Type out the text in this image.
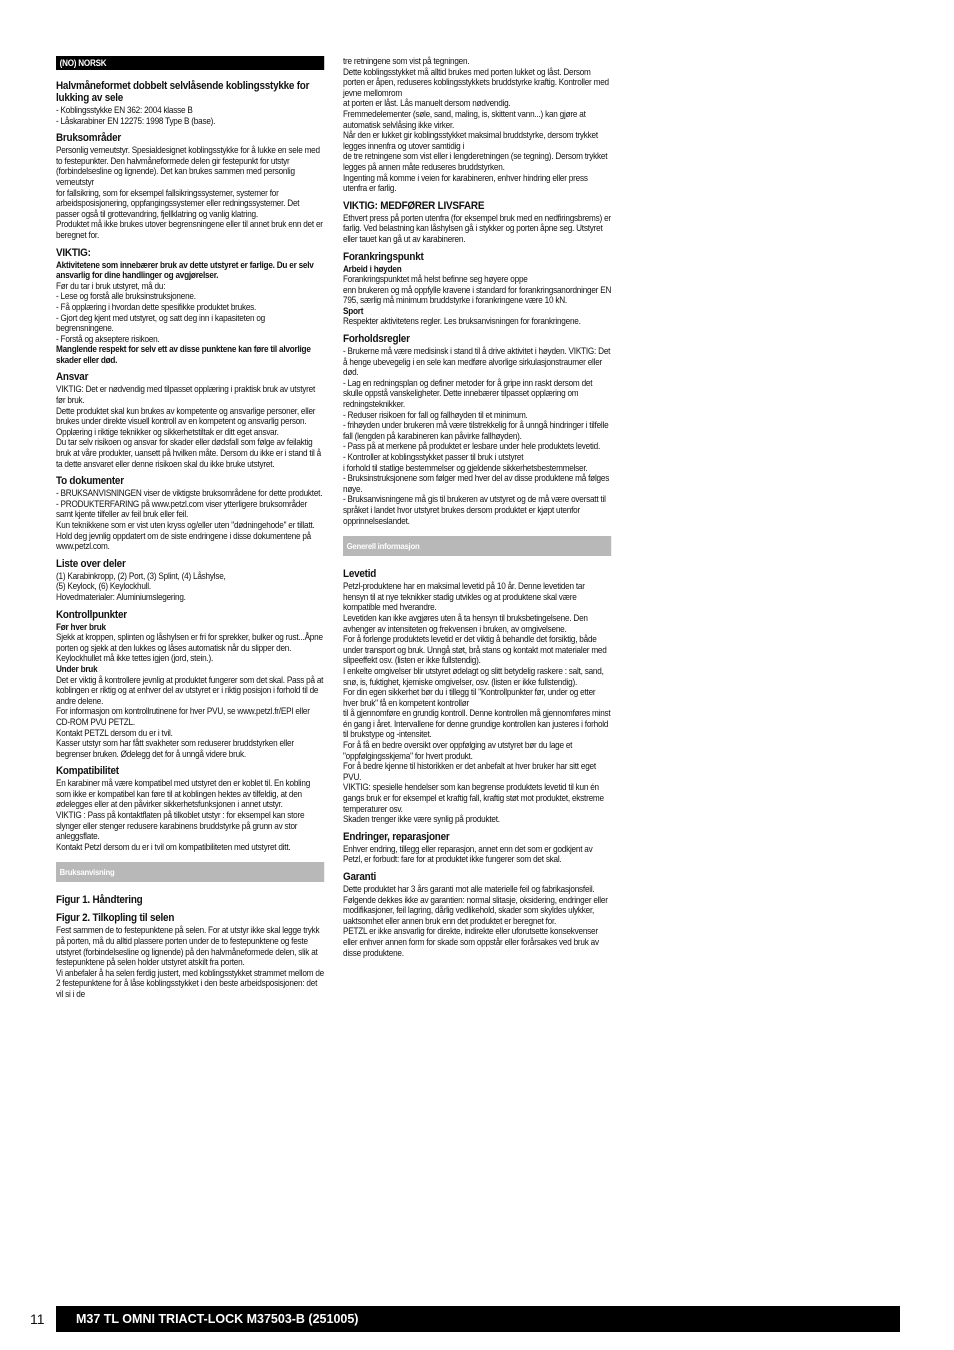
(NO) NORSK
Halvmåneformet dobbelt selvlåsende koblingsstykke for lukking av sele

- Koblingsstykke EN 362: 2004 klasse B
- Låskarabiner EN 12275: 1998 Type B (base).

Bruksområder

Personlig verneutstyr. Spesialdesignet koblingsstykke for å lukke en sele med to festepunkter. Den halvmåneformede delen gir festepunkt for utstyr (forbindelsesline og lignende). Det kan brukes sammen med personlig verneutstyr
for fallsikring, som for eksempel fallsikringssystemer, systemer for arbeidsposisjonering, oppfangingssystemer eller redningssystemer. Det passer også til grottevandring, fjellklatring og vanlig klatring.
Produktet må ikke brukes utover begrensningene eller til annet bruk enn det er beregnet for.

VIKTIG:

Aktivitetene som innebærer bruk av dette utstyret er farlige. Du er selv ansvarlig for dine handlinger og avgjørelser.

Før du tar i bruk utstyret, må du:
- Lese og forstå alle bruksinstruksjonene.
- Få opplæring i hvordan dette spesifikke produktet brukes.
- Gjort deg kjent med utstyret, og satt deg inn i kapasiteten og begrensningene.
- Forstå og akseptere risikoen.

Manglende respekt for selv ett av disse punktene kan føre til alvorlige skader eller død.

Ansvar

VIKTIG: Det er nødvendig med tilpasset opplæring i praktisk bruk av utstyret før bruk.
Dette produktet skal kun brukes av kompetente og ansvarlige personer, eller brukes under direkte visuell kontroll av en kompetent og ansvarlig person.
Opplæring i riktige teknikker og sikkerhetstiltak er ditt eget ansvar.
Du tar selv risikoen og ansvar for skader eller dødsfall som følge av feilaktig bruk at våre produkter, uansett på hvilken måte. Dersom du ikke er i stand til å ta dette ansvaret eller denne risikoen skal du ikke bruke utstyret.

To dokumenter

- BRUKSANVISNINGEN viser de viktigste bruksområdene for dette produktet.
- PRODUKTERFARING på www.petzl.com viser ytterligere bruksområder samt kjente tilfeller av feil bruk eller feil.
Kun teknikkene som er vist uten kryss og/eller uten "dødningehode" er tillatt. Hold deg jevnlig oppdatert om de siste endringene i disse dokumentene på www.petzl.com.

Liste over deler

(1) Karabinkropp, (2) Port, (3) Splint, (4) Låshylse,
(5) Keylock, (6) Keylockhull.
Hovedmaterialer: Aluminiumslegering.

Kontrollpunkter
Før hver bruk

Sjekk at kroppen, splinten og låshylsen er fri for sprekker, bulker og rust...Åpne porten og sjekk at den lukkes og låses automatisk når du slipper den. Keylockhullet må ikke tettes igjen (jord, stein.).

Under bruk

Det er viktig å kontrollere jevnlig at produktet fungerer som det skal. Pass på at koblingen er riktig og at enhver del av utstyret er i riktig posisjon i forhold til de andre delene.
For informasjon om kontrollrutinene for hver PVU, se www.petzl.fr/EPI eller CD-ROM PVU PETZL.
Kontakt PETZL dersom du er i tvil.
Kasser utstyr som har fått svakheter som reduserer bruddstyrken eller begrenser bruken. Ødelegg det for å unngå videre bruk.

Kompatibilitet

En karabiner må være kompatibel med utstyret den er koblet til. En kobling som ikke er kompatibel kan føre til at koblingen hektes av tilfeldig, at den ødelegges eller at den påvirker sikkerhetsfunksjonen i annet utstyr.
VIKTIG : Pass på kontaktflaten på tilkoblet utstyr : for eksempel kan store slynger eller stenger redusere karabinens bruddstyrke på grunn av stor anleggsflate.
Kontakt Petzl dersom du er i tvil om kompatibiliteten med utstyret ditt.

Bruksanvisning
Figur 1. Håndtering
Figur 2. Tilkopling til selen

Fest sammen de to festepunktene på selen. For at utstyr ikke skal legge trykk på porten, må du alltid plassere porten under de to festepunktene og feste utstyret (forbindelsesline og lignende) på den halvmåneformede delen, slik at festepunktene på selen holder utstyret atskilt fra porten.
Vi anbefaler å ha selen ferdig justert, med koblingsstykket strammet mellom de 2 festepunktene for å låse koblingsstykket i den beste arbeidsposisjonen: det vil si i de

tre retningene som vist på tegningen.
Dette koblingsstykket må alltid brukes med porten lukket og låst. Dersom porten er åpen, reduseres koblingsstykkets bruddstyrke kraftig. Kontroller med jevne mellomrom
at porten er låst. Lås manuelt dersom nødvendig.
Fremmedelementer (søle, sand, maling, is, skittent vann...) kan gjøre at automatisk selvlåsing ikke virker.
Når den er lukket gir koblingsstykket maksimal bruddstyrke, dersom trykket legges innenfra og utover samtidig i
de tre retningene som vist eller i lengderetningen (se tegning). Dersom trykket legges på annen måte reduseres bruddstyrken.
Ingenting må komme i veien for karabineren, enhver hindring eller press utenfra er farlig.

VIKTIG: MEDFØRER LIVSFARE

Ethvert press på porten utenfra (for eksempel bruk med en nedfiringsbrems) er farlig. Ved belastning kan låshylsen gå i stykker og porten åpne seg. Utstyret eller tauet kan gå ut av karabineren.

Forankringspunkt
Arbeid i høyden

Forankringspunktet må helst befinne seg høyere oppe
enn brukeren og må oppfylle kravene i standard for forankringsanordninger EN 795, særlig må minimum bruddstyrke i forankringene være 10 kN.

Sport

Respekter aktivitetens regler. Les bruksanvisningen for forankringene.

Forholdsregler

- Brukerne må være medisinsk i stand til å drive aktivitet i høyden. VIKTIG: Det å henge ubevegelig i en sele kan medføre alvorlige sirkulasjonstraumer eller død.
- Lag en redningsplan og definer metoder for å gripe inn raskt dersom det skulle oppstå vanskeligheter. Dette innebærer tilpasset opplæring om redningsteknikker.
- Reduser risikoen for fall og fallhøyden til et minimum.
- frihøyden under brukeren må være tilstrekkelig for å unngå hindringer i tilfelle fall (lengden på karabineren kan påvirke fallhøyden).
- Pass på at merkene på produktet er lesbare under hele produktets levetid.
- Kontroller at koblingsstykket passer til bruk i utstyret
i forhold til statlige bestemmelser og gjeldende sikkerhetsbestemmelser.
- Bruksinstruksjonene som følger med hver del av disse produktene må følges nøye.
- Bruksanvisningene må gis til brukeren av utstyret og de må være oversatt til språket i landet hvor utstyret brukes dersom produktet er kjøpt utenfor opprinnelseslandet.

Generell informasjon
Levetid

Petzl-produktene har en maksimal levetid på 10 år. Denne levetiden tar hensyn til at nye teknikker stadig utvikles og at produktene skal være kompatible med hverandre.
Levetiden kan ikke avgjøres uten å ta hensyn til bruksbetingelsene. Den avhenger av intensiteten og frekvensen i bruken, av omgivelsene.
For å forlenge produktets levetid er det viktig å behandle det forsiktig, både under transport og bruk. Unngå støt, brå stans og kontakt mot materialer med slipeeffekt osv. (listen er ikke fullstendig).
I enkelte omgivelser blir utstyret ødelagt og slitt betydelig raskere : salt, sand, snø, is, fuktighet, kjemiske omgivelser, osv. (listen er ikke fullstendig).
For din egen sikkerhet bør du i tillegg til "Kontrollpunkter før, under og etter hver bruk" få en kompetent kontrollør
til å gjennomføre en grundig kontroll. Denne kontrollen må gjennomføres minst én gang i året. Intervallene for denne grundige kontrollen kan justeres i forhold til brukstype og -intensitet.
For å få en bedre oversikt over oppfølging av utstyret bør du lage et "oppfølgingsskjema" for hvert produkt.
For å bedre kjenne til historikken er det anbefalt at hver bruker har sitt eget PVU.
VIKTIG: spesielle hendelser som kan begrense produktets levetid til kun én gangs bruk er for eksempel et kraftig fall, kraftig støt mot produktet, ekstreme temperaturer osv.
Skaden trenger ikke være synlig på produktet.

Endringer, reparasjoner

Enhver endring, tillegg eller reparasjon, annet enn det som er godkjent av Petzl, er forbudt: fare for at produktet ikke fungerer som det skal.

Garanti

Dette produktet har 3 års garanti mot alle materielle feil og fabrikasjonsfeil. Følgende dekkes ikke av garantien: normal slitasje, oksidering, endringer eller modifikasjoner, feil lagring, dårlig vedlikehold, skader som skyldes ulykker, uaktsomhet eller annen bruk enn det produktet er beregnet for.
PETZL er ikke ansvarlig for direkte, indirekte eller uforutsette konsekvenser eller enhver annen form for skade som oppstår eller forårsakes ved bruk av disse produktene.

11	M37 TL OMNI TRIACT-LOCK M37503-B (251005)
